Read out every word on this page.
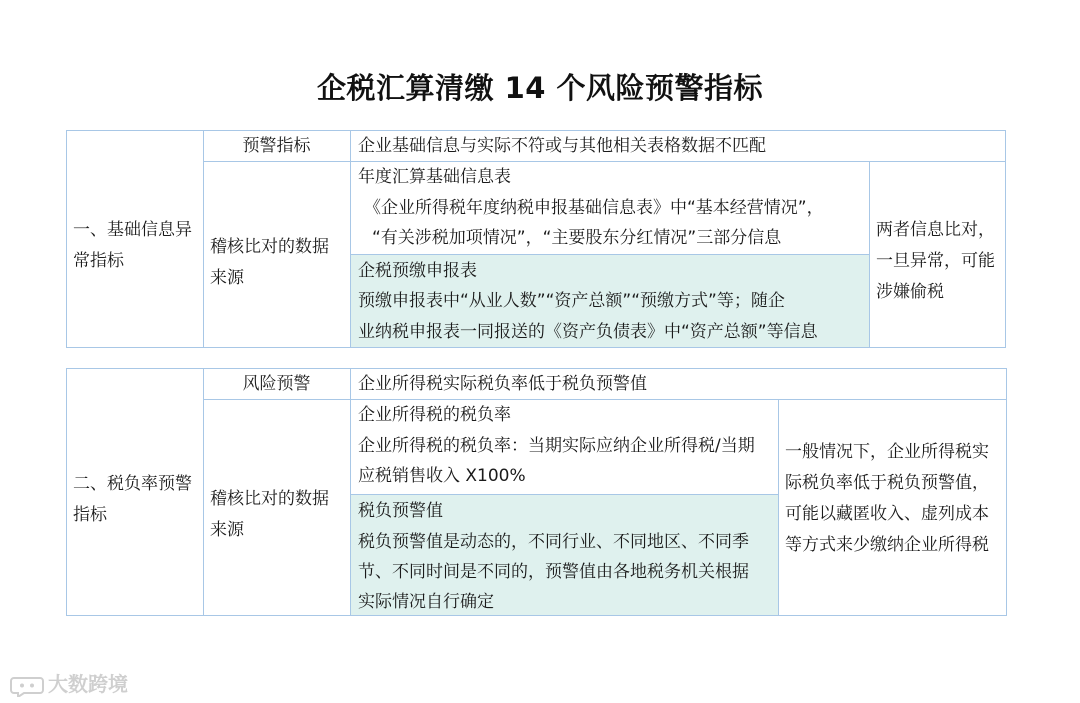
企税汇算清缴 14 个风险预警指标
一、基础信息异常指标
预警指标	企业基础信息与实际不符或与其他相关表格数据不匹配
稽核比对的数据来源
年度汇算基础信息表
《企业所得税年度纳税申报基础信息表》中“基本经营情况”，
“有关涉税加项情况”，“主要股东分红情况”三部分信息
企税预缴申报表
预缴申报表中“从业人数”“资产总额”“预缴方式”等；随企
业纳税申报表一同报送的《资产负债表》中“资产总额”等信息
两者信息比对，一旦异常，可能涉嫌偷税
二、税负率预警指标
风险预警	企业所得税实际税负率低于税负预警值
稽核比对的数据来源
企业所得税的税负率
企业所得税的税负率：当期实际应纳企业所得税/当期
应税销售收入 X100%
税负预警值
税负预警值是动态的，不同行业、不同地区、不同季
节、不同时间是不同的，预警值由各地税务机关根据
实际情况自行确定
一般情况下，企业所得税实际税负率低于税负预警值，可能以藏匿收入、虚列成本等方式来少缴纳企业所得税
大数跨境
